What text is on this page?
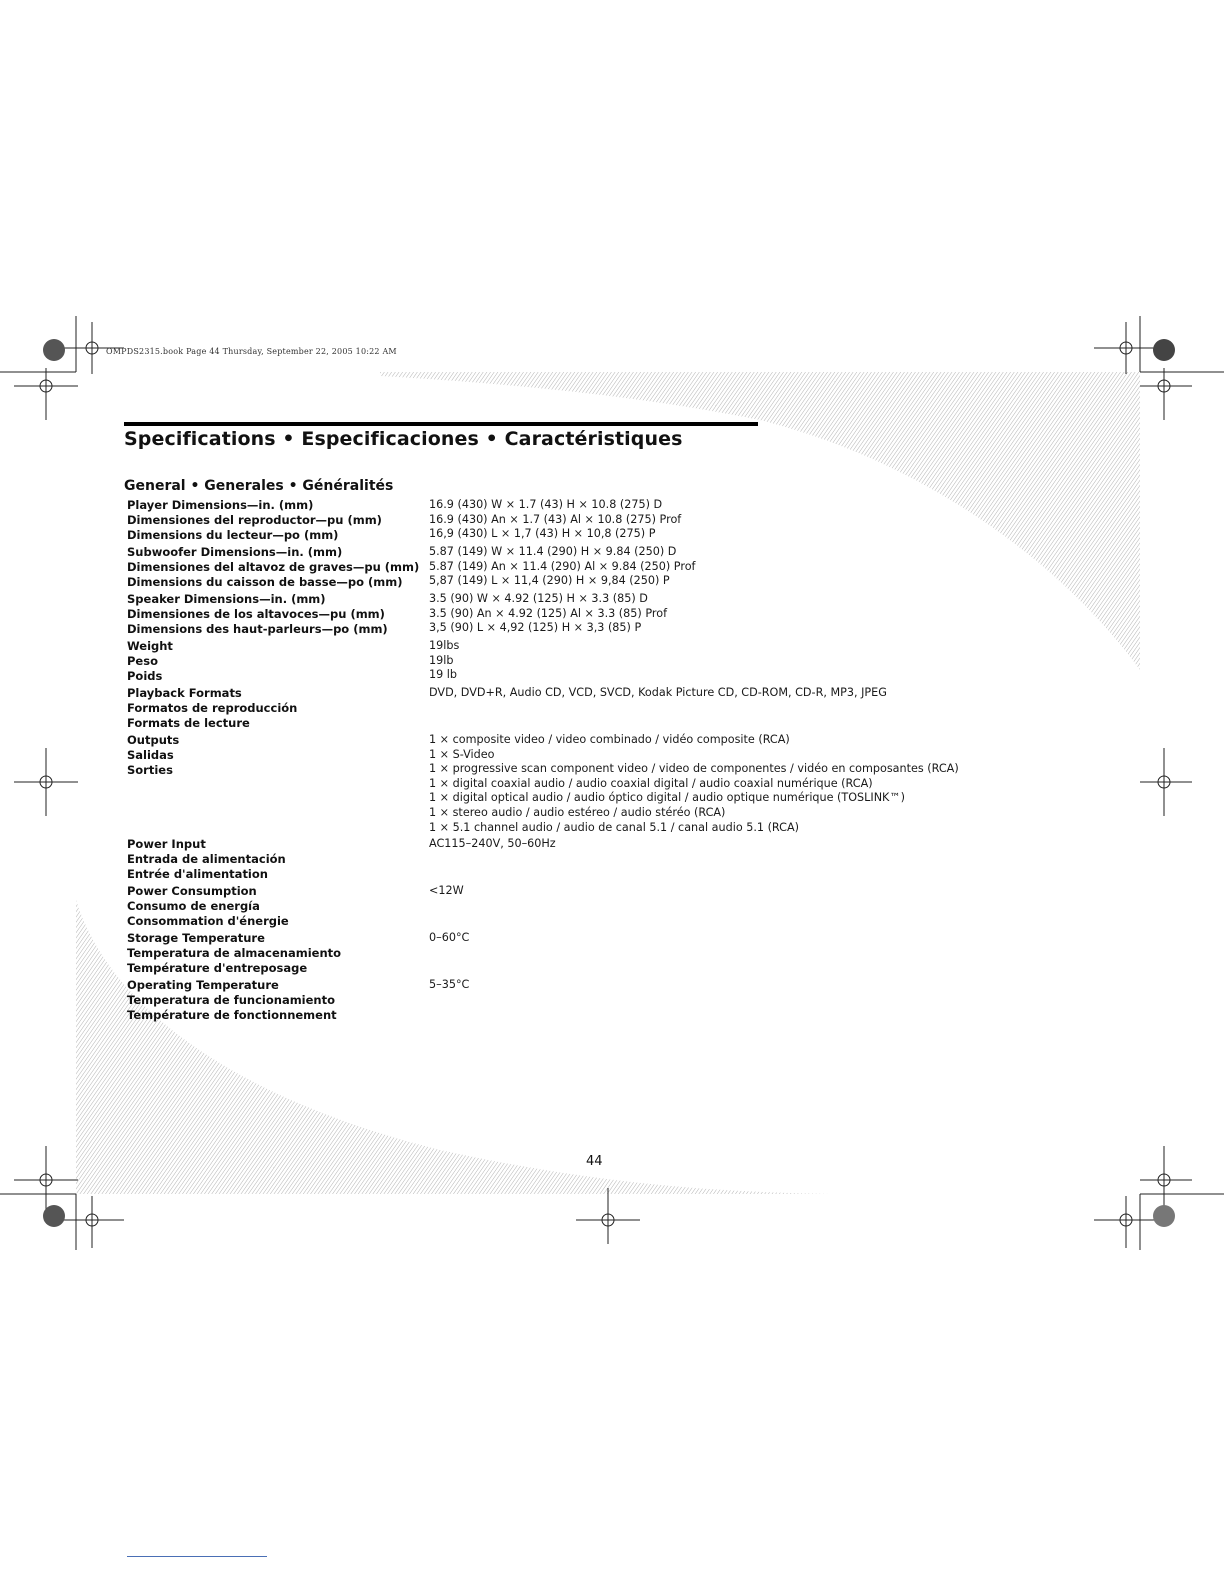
OMPDS2315.book Page 44 Thursday, September 22, 2005 10:22 AM
Specifications • Especificaciones • Caractéristiques
General • Generales • Généralités
Player Dimensions—in. (mm)
Dimensiones del reproductor—pu (mm)
Dimensions du lecteur—po (mm)
16.9 (430) W × 1.7 (43) H × 10.8 (275) D
16.9 (430) An × 1.7 (43) Al × 10.8 (275) Prof
16,9 (430) L × 1,7 (43) H × 10,8 (275) P
Subwoofer Dimensions—in. (mm)
Dimensiones del altavoz de graves—pu (mm)
Dimensions du caisson de basse—po (mm)
5.87 (149) W × 11.4 (290) H × 9.84 (250) D
5.87 (149) An × 11.4 (290) Al × 9.84 (250) Prof
5,87 (149) L × 11,4 (290) H × 9,84 (250) P
Speaker Dimensions—in. (mm)
Dimensiones de los altavoces—pu (mm)
Dimensions des haut-parleurs—po (mm)
3.5 (90) W × 4.92 (125) H × 3.3 (85) D
3.5 (90) An × 4.92 (125) Al × 3.3 (85) Prof
3,5 (90) L × 4,92 (125) H × 3,3 (85) P
Weight
Peso
Poids
19lbs
19lb
19 lb
Playback Formats
Formatos de reproducción
Formats de lecture
DVD, DVD+R, Audio CD, VCD, SVCD, Kodak Picture CD, CD-ROM, CD-R, MP3, JPEG
Outputs
Salidas
Sorties
1 × composite video / video combinado / vidéo composite (RCA)
1 × S-Video
1 × progressive scan component video / video de componentes / vidéo en composantes (RCA)
1 × digital coaxial audio / audio coaxial digital / audio coaxial numérique (RCA)
1 × digital optical audio / audio óptico digital / audio optique numérique (TOSLINK™)
1 × stereo audio / audio estéreo / audio stéréo (RCA)
1 × 5.1 channel audio / audio de canal 5.1 / canal audio 5.1 (RCA)
Power Input
Entrada de alimentación
Entrée d'alimentation
AC115–240V, 50–60Hz
Power Consumption
Consumo de energía
Consommation d'énergie
<12W
Storage Temperature
Temperatura de almacenamiento
Température d'entreposage
0–60°C
Operating Temperature
Temperatura de funcionamiento
Température de fonctionnement
5–35°C
44
